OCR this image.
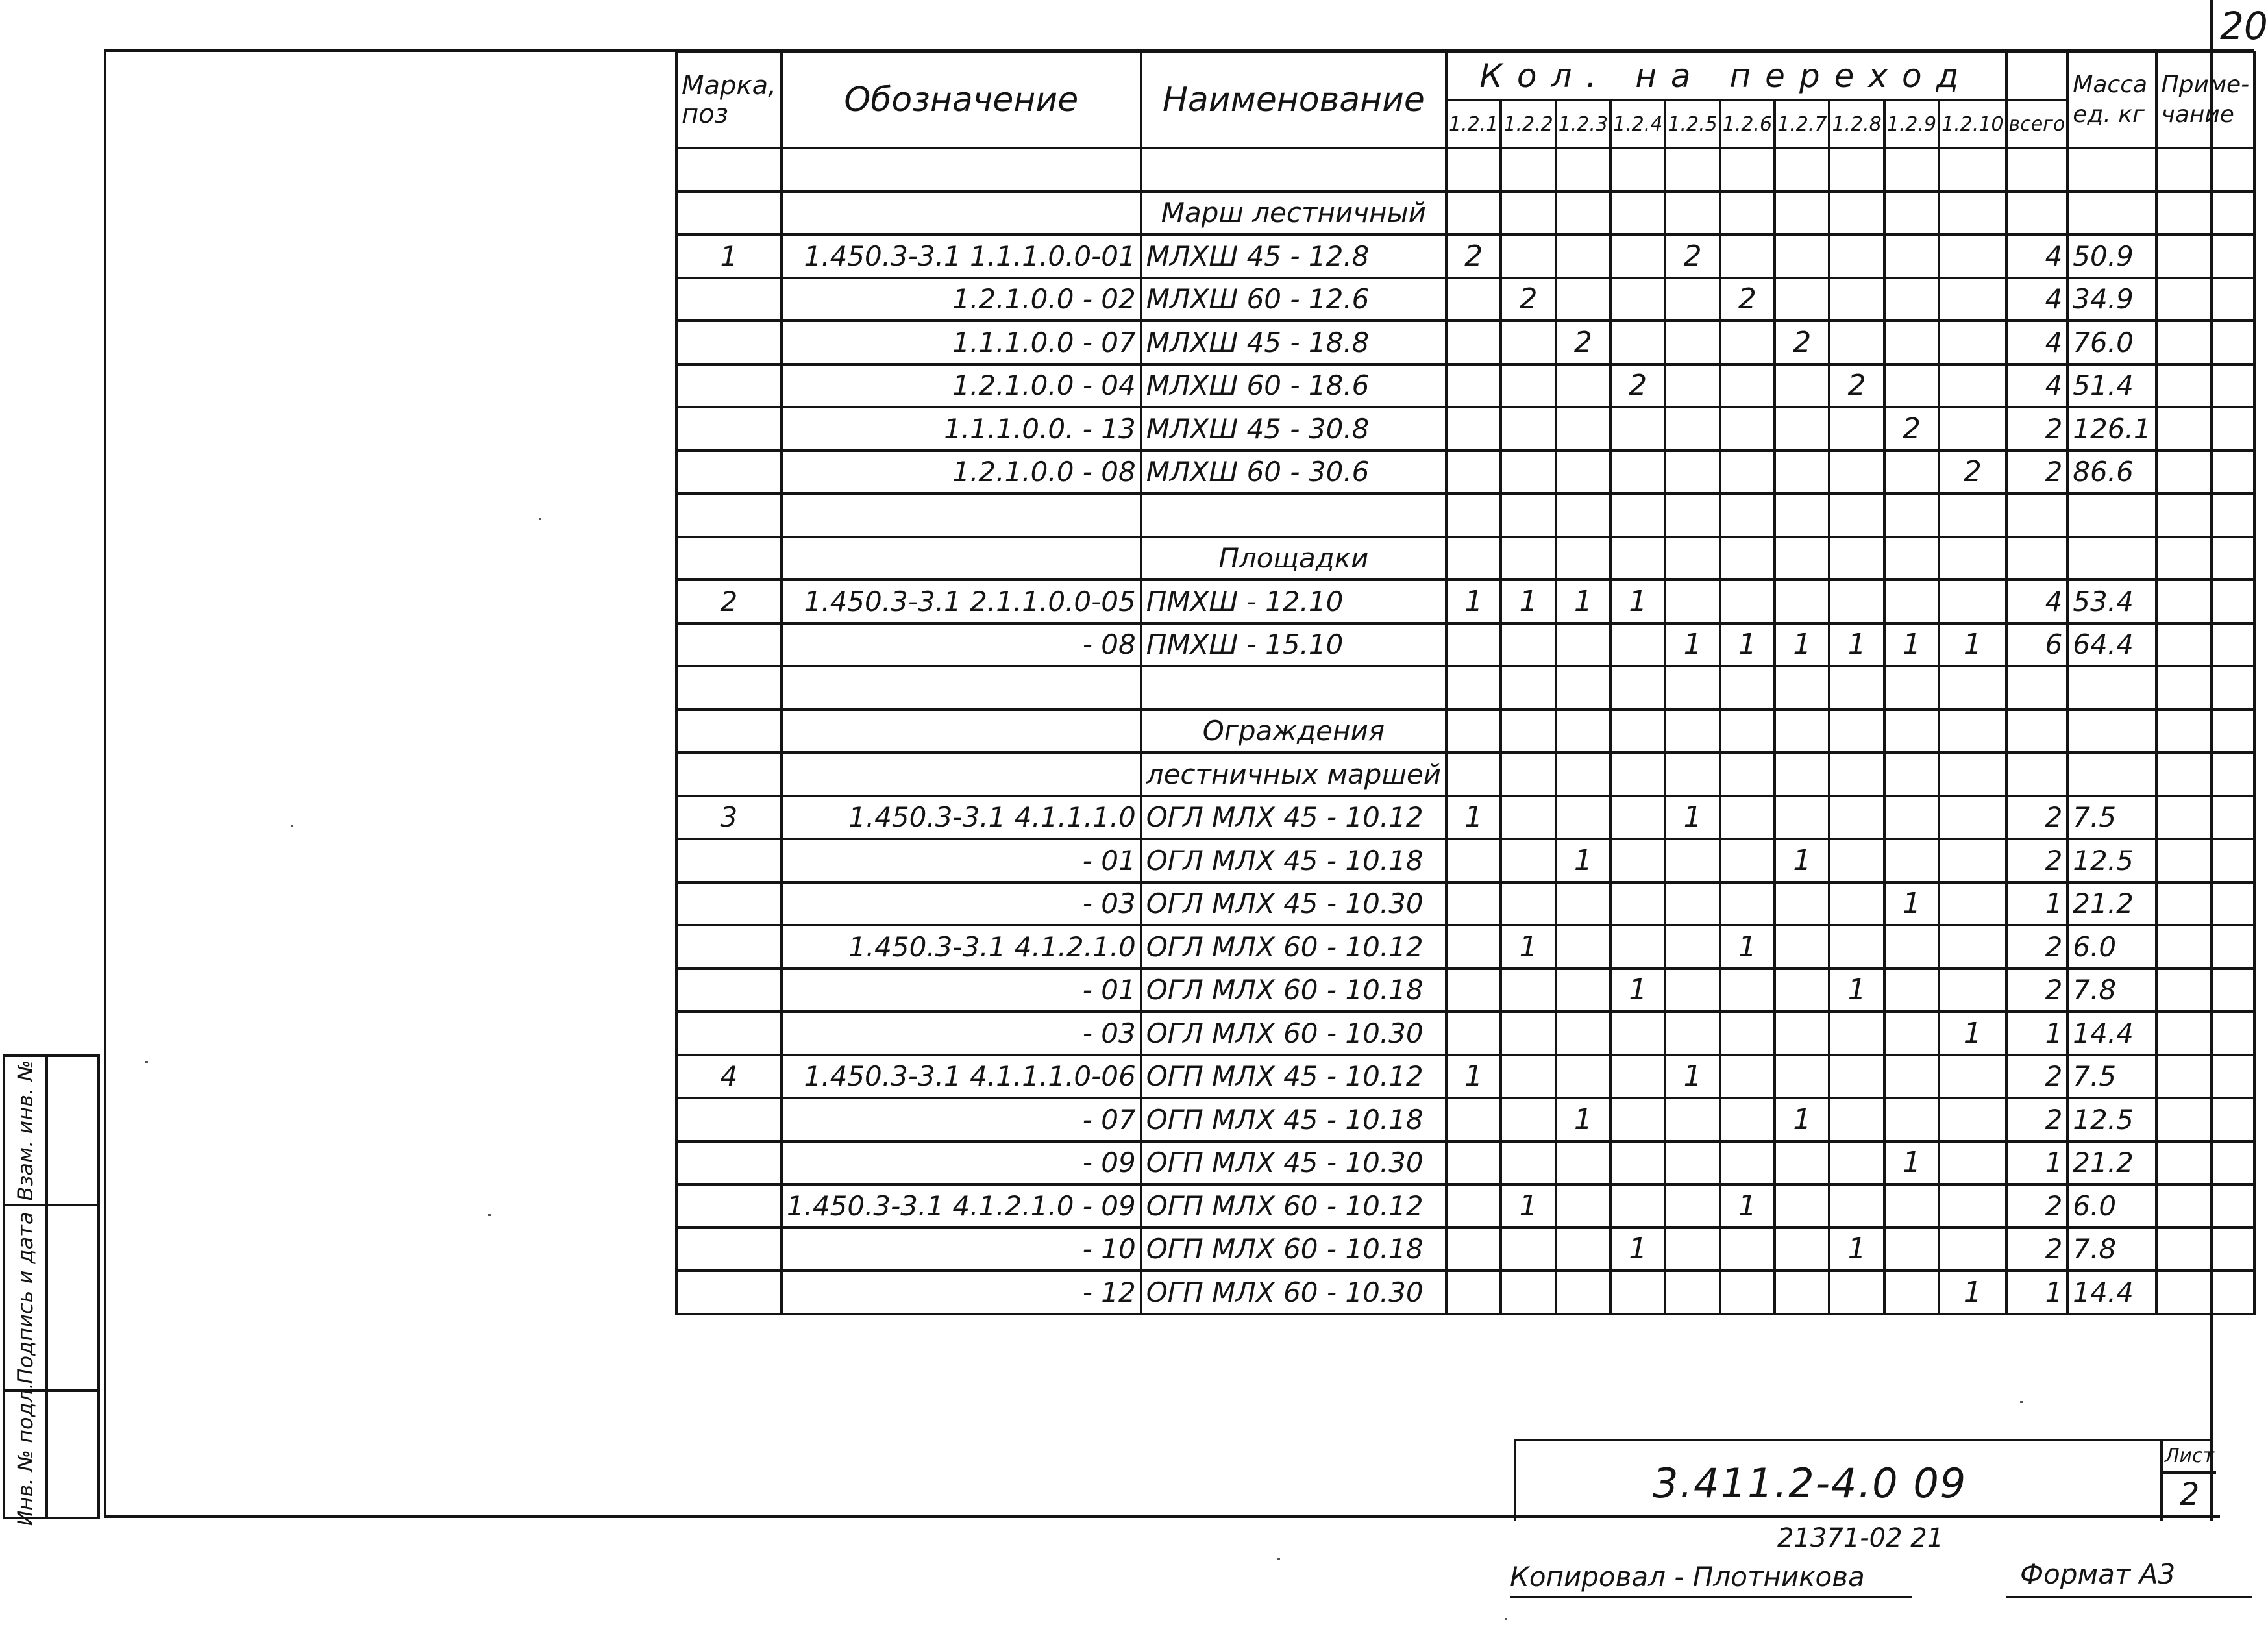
20
Марка, поз	Обозначение	Наименование	Кол. на переход											Масса ед. кг	Приме- чание
			1.2.1	1.2.2	1.2.3	1.2.4	1.2.5	1.2.6	1.2.7	1.2.8	1.2.9	1.2.10	всего		

		Марш лестничный													
1	1.450.3-3.1 1.1.1.0.0-01	МЛХШ 45 - 12.8	2				2						4	50.9	
	1.2.1.0.0 - 02	МЛХШ 60 - 12.6		2				2					4	34.9	
	1.1.1.0.0 - 07	МЛХШ 45 - 18.8			2				2				4	76.0	
	1.2.1.0.0 - 04	МЛХШ 60 - 18.6				2				2			4	51.4	
	1.1.1.0.0. - 13	МЛХШ 45 - 30.8									2		2	126.1	
	1.2.1.0.0 - 08	МЛХШ 60 - 30.6										2	2	86.6	

		Площадки													
2	1.450.3-3.1 2.1.1.0.0-05	ПМХШ - 12.10	1	1	1	1							4	53.4	
	- 08	ПМХШ - 15.10					1	1	1	1	1	1	6	64.4	

		Ограждения													
		лестничных маршей													
3	1.450.3-3.1 4.1.1.1.0	ОГЛ МЛХ 45 - 10.12	1				1						2	7.5	
	- 01	ОГЛ МЛХ 45 - 10.18			1				1				2	12.5	
	- 03	ОГЛ МЛХ 45 - 10.30									1		1	21.2	
	1.450.3-3.1 4.1.2.1.0	ОГЛ МЛХ 60 - 10.12		1				1					2	6.0	
	- 01	ОГЛ МЛХ 60 - 10.18				1				1			2	7.8	
	- 03	ОГЛ МЛХ 60 - 10.30										1	1	14.4	
4	1.450.3-3.1 4.1.1.1.0-06	ОГП МЛХ 45 - 10.12	1				1						2	7.5	
	- 07	ОГП МЛХ 45 - 10.18			1				1				2	12.5	
	- 09	ОГП МЛХ 45 - 10.30									1		1	21.2	
	1.450.3-3.1 4.1.2.1.0 - 09	ОГП МЛХ 60 - 10.12		1				1					2	6.0	
	- 10	ОГП МЛХ 60 - 10.18				1				1			2	7.8	
	- 12	ОГП МЛХ 60 - 10.30										1	1	14.4	
Взам. инв. №
Подпись и дата
Инв. № подл.	3.411.2-4.0 09
Лист
2
21371-02 21
Копировал - Плотникова	Формат А3
